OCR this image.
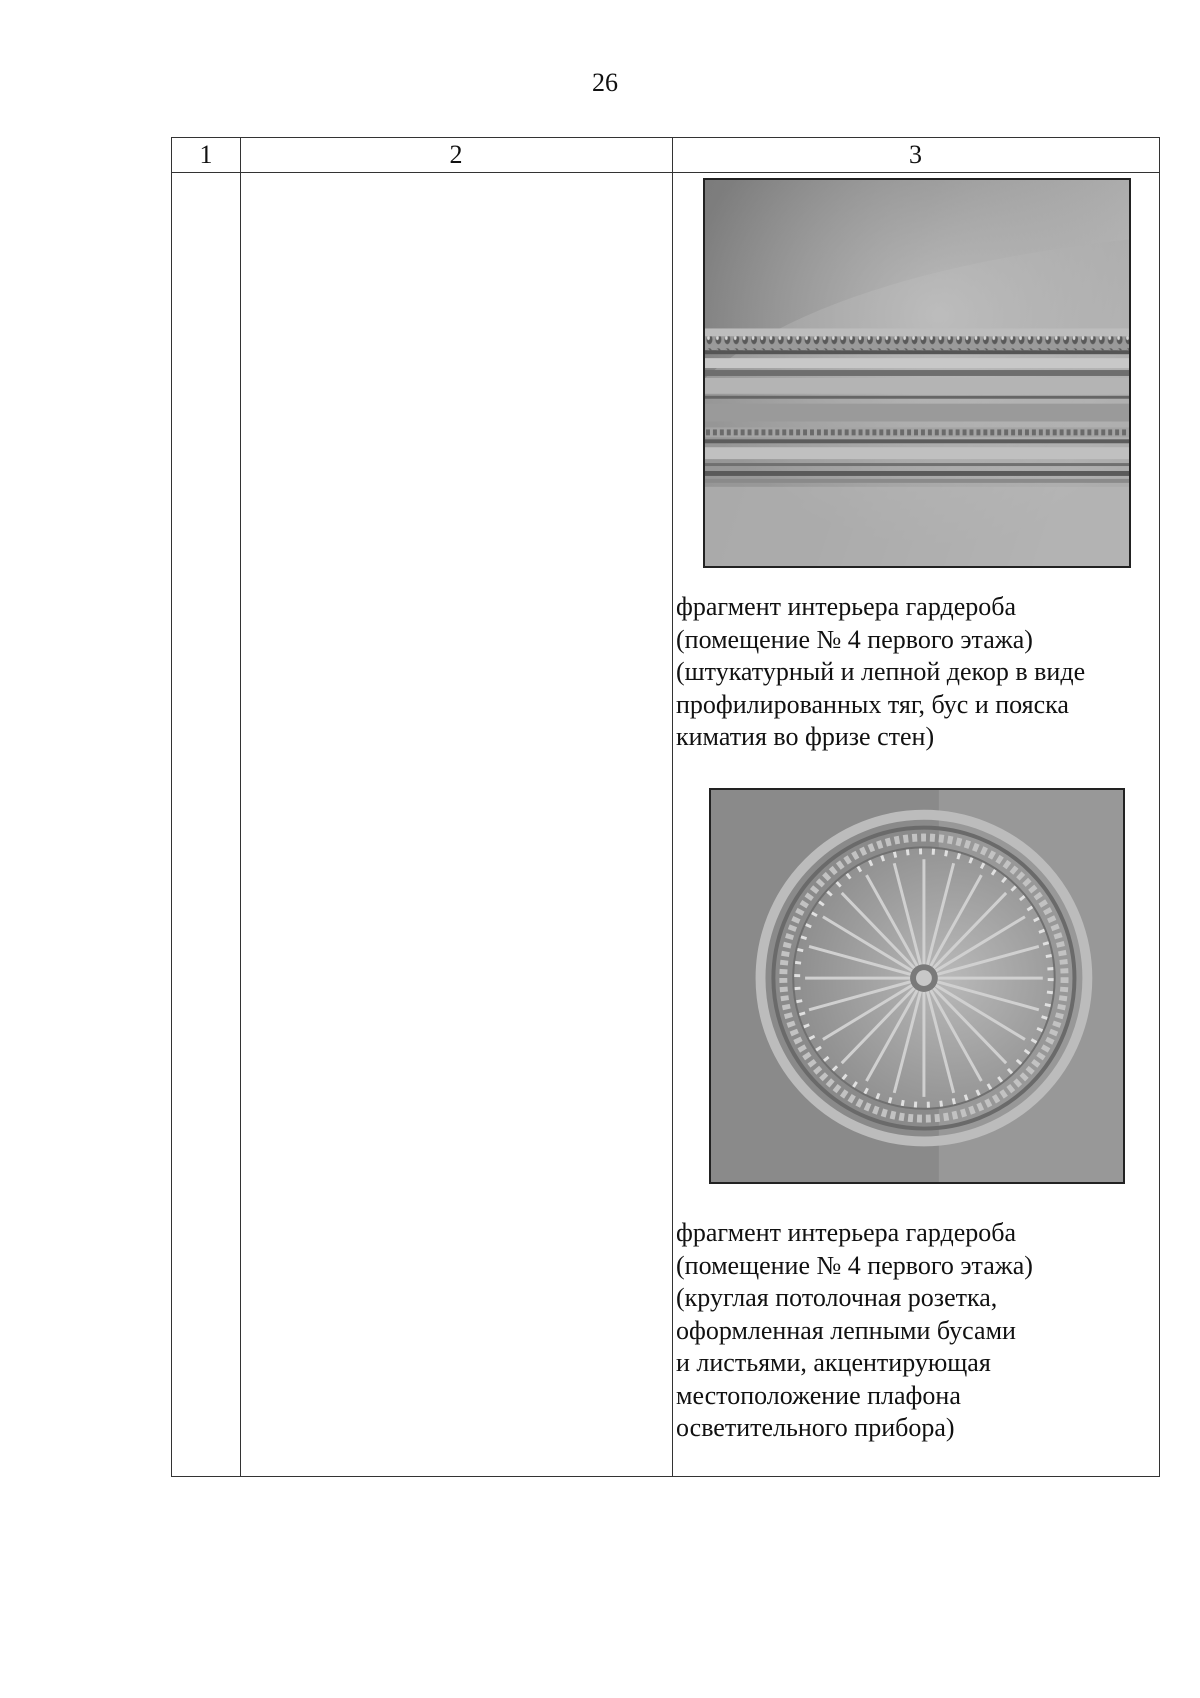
26
1	2	3
фрагмент интерьера гардероба
(помещение № 4 первого этажа)
(штукатурный и лепной декор в виде
профилированных тяг, бус и пояска
киматия во фризе стен)
фрагмент интерьера гардероба
(помещение № 4 первого этажа)
(круглая потолочная розетка,
оформленная лепными бусами
и листьями, акцентирующая
местоположение плафона
осветительного прибора)
